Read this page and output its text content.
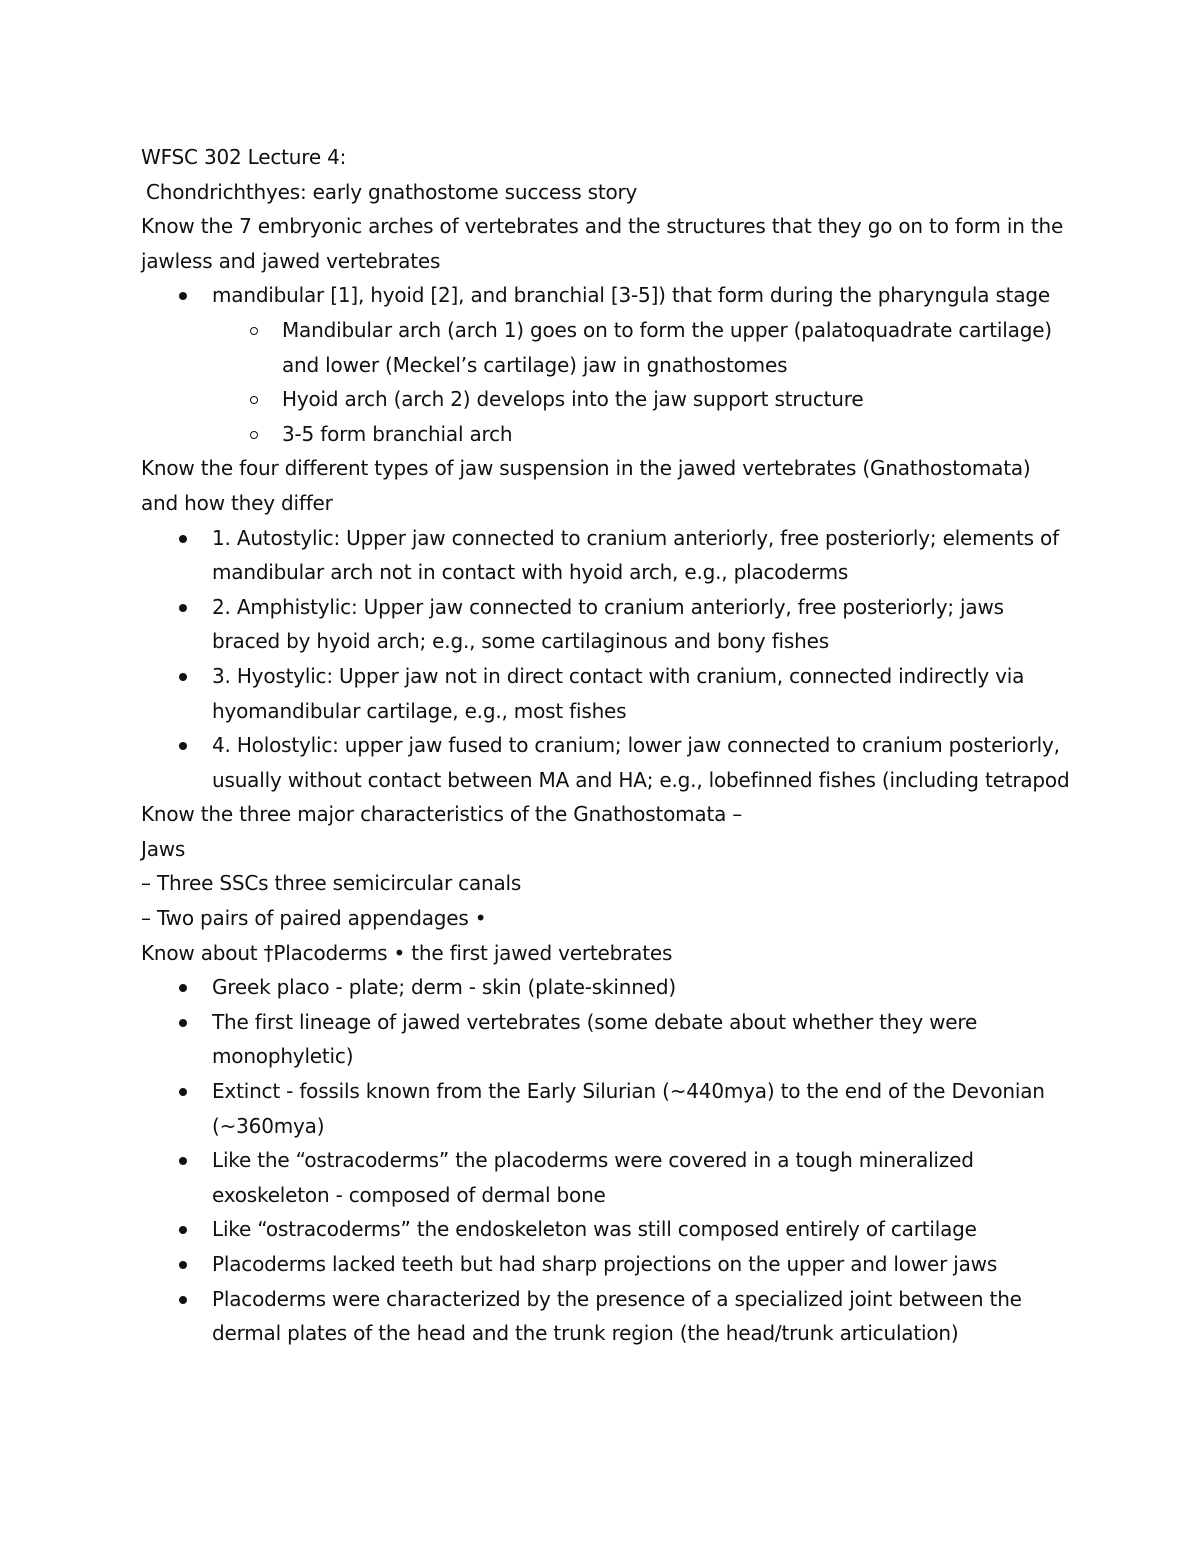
WFSC 302 Lecture 4:

Chondrichthyes: early gnathostome success story

Know the 7 embryonic arches of vertebrates and the structures that they go on to form in the jawless and jawed vertebrates

mandibular [1], hyoid [2], and branchial [3-5]) that form during the pharyngula stage
Mandibular arch (arch 1) goes on to form the upper (palatoquadrate cartilage) and lower (Meckel’s cartilage) jaw in gnathostomes
Hyoid arch (arch 2) develops into the jaw support structure
3-5 form branchial arch

Know the four different types of jaw suspension in the jawed vertebrates (Gnathostomata) and how they differ

1. Autostylic: Upper jaw connected to cranium anteriorly, free posteriorly; elements of mandibular arch not in contact with hyoid arch, e.g., placoderms
2. Amphistylic: Upper jaw connected to cranium anteriorly, free posteriorly; jaws braced by hyoid arch; e.g., some cartilaginous and bony fishes
3. Hyostylic: Upper jaw not in direct contact with cranium, connected indirectly via hyomandibular cartilage, e.g., most fishes
4. Holostylic: upper jaw fused to cranium; lower jaw connected to cranium posteriorly, usually without contact between MA and HA; e.g., lobefinned fishes (including tetrapod

Know the three major characteristics of the Gnathostomata –

Jaws

– Three SSCs three semicircular canals

– Two pairs of paired appendages •

Know about †Placoderms • the first jawed vertebrates

Greek placo - plate; derm - skin (plate-skinned)
The first lineage of jawed vertebrates (some debate about whether they were monophyletic)
Extinct - fossils known from the Early Silurian (~440mya) to the end of the Devonian (~360mya)
Like the “ostracoderms” the placoderms were covered in a tough mineralized exoskeleton - composed of dermal bone
Like “ostracoderms” the endoskeleton was still composed entirely of cartilage
Placoderms lacked teeth but had sharp projections on the upper and lower jaws
Placoderms were characterized by the presence of a specialized joint between the dermal plates of the head and the trunk region (the head/trunk articulation)
